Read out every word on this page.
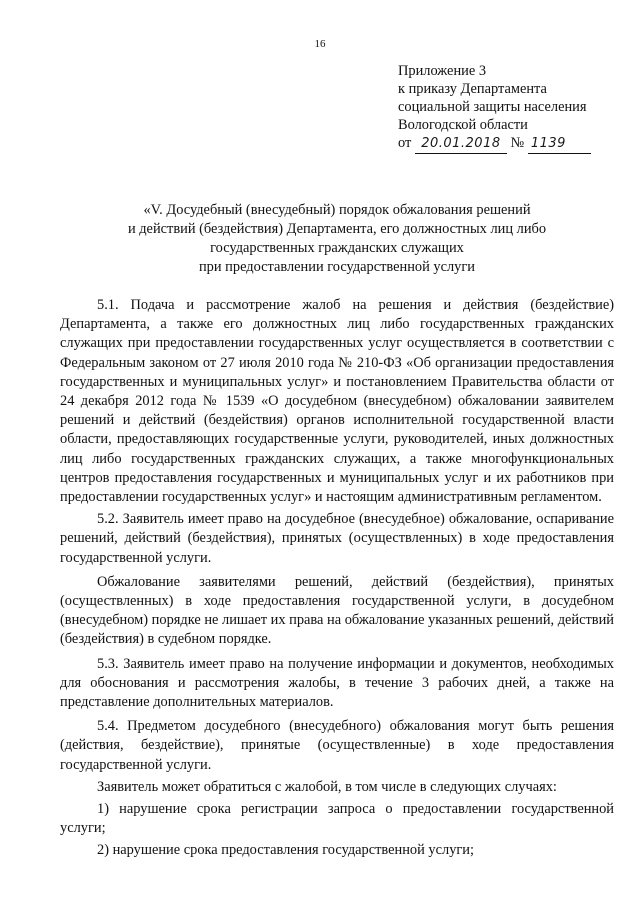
16
Приложение 3
к приказу Департамента
социальной защиты населения
Вологодской области
от 20.01.2018 № 1139
«V. Досудебный (внесудебный) порядок обжалования решений
и действий (бездействия) Департамента, его должностных лиц либо
государственных гражданских служащих
при предоставлении государственной услуги

5.1. Подача и рассмотрение жалоб на решения и действия (бездействие) Департамента, а также его должностных лиц либо государственных гражданских служащих при предоставлении государственных услуг осуществляется в соответствии с Федеральным законом от 27 июля 2010 года № 210-ФЗ «Об организации предоставления государственных и муниципальных услуг» и постановлением Правительства области от 24 декабря 2012 года № 1539 «О досудебном (внесудебном) обжаловании заявителем решений и действий (бездействия) органов исполнительной государственной власти области, предоставляющих государственные услуги, руководителей, иных должностных лиц либо государственных гражданских служащих, а также многофункциональных центров предоставления государственных и муниципальных услуг и их работников при предоставлении государственных услуг» и настоящим административным регламентом.

5.2. Заявитель имеет право на досудебное (внесудебное) обжалование, оспаривание решений, действий (бездействия), принятых (осуществленных) в ходе предоставления государственной услуги.

Обжалование заявителями решений, действий (бездействия), принятых (осуществленных) в ходе предоставления государственной услуги, в досудебном (внесудебном) порядке не лишает их права на обжалование указанных решений, действий (бездействия) в судебном порядке.

5.3. Заявитель имеет право на получение информации и документов, необходимых для обоснования и рассмотрения жалобы, в течение 3 рабочих дней, а также на представление дополнительных материалов.

5.4. Предметом досудебного (внесудебного) обжалования могут быть решения (действия, бездействие), принятые (осуществленные) в ходе предоставления государственной услуги.

Заявитель может обратиться с жалобой, в том числе в следующих случаях:

1) нарушение срока регистрации запроса о предоставлении государственной услуги;

2) нарушение срока предоставления государственной услуги;
